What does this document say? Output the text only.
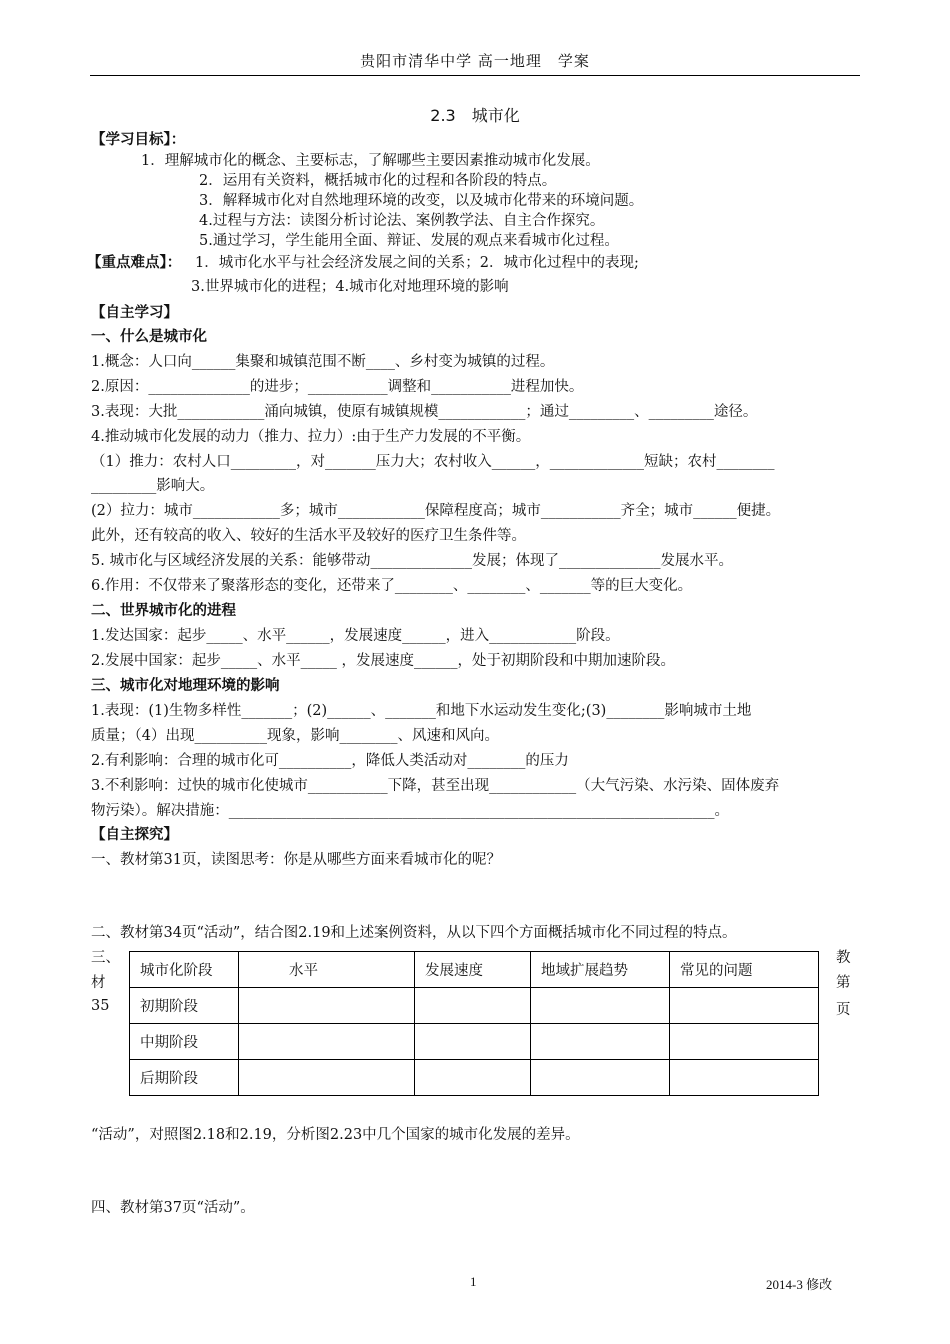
贵阳市清华中学 高一地理　学案
2.3　城市化
【学习目标】：
1．理解城市化的概念、主要标志，了解哪些主要因素推动城市化发展。
2．运用有关资料，概括城市化的过程和各阶段的特点。
3．解释城市化对自然地理环境的改变，以及城市化带来的环境问题。
4.过程与方法：读图分析讨论法、案例教学法、自主合作探究。
5.通过学习，学生能用全面、辩证、发展的观点来看城市化过程。
【重点难点】： 1．城市化水平与社会经济发展之间的关系；2．城市化过程中的表现;
3.世界城市化的进程；4.城市化对地理环境的影响
【自主学习】
一、什么是城市化
1.概念：人口向______集聚和城镇范围不断____、乡村变为城镇的过程。
2.原因：______________的进步；___________调整和___________进程加快。
3.表现：大批____________涌向城镇，使原有城镇规模____________；通过_________、_________途径。
4.推动城市化发展的动力（推力、拉力）:由于生产力发展的不平衡。
（1）推力：农村人口_________，对_______压力大；农村收入______，_____________短缺；农村________
_________影响大。
(2）拉力：城市____________多；城市____________保障程度高；城市___________齐全；城市______便捷。
此外，还有较高的收入、较好的生活水平及较好的医疗卫生条件等。
5. 城市化与区域经济发展的关系：能够带动______________发展；体现了______________发展水平。
6.作用：不仅带来了聚落形态的变化，还带来了________、________、_______等的巨大变化。
二、世界城市化的进程
1.发达国家：起步_____、水平______，发展速度______，进入____________阶段。
2.发展中国家：起步_____、水平_____ ，发展速度______，处于初期阶段和中期加速阶段。
三、城市化对地理环境的影响
1.表现：(1)生物多样性_______；(2)______、_______和地下水运动发生变化;(3)________影响城市土地
质量；（4）出现__________现象，影响________、风速和风向。
2.有利影响：合理的城市化可__________，降低人类活动对________的压力
3.不利影响：过快的城市化使城市___________下降，甚至出现____________（大气污染、水污染、固体废弃
物污染）。解决措施：___________________________________________________________________。
【自主探究】
一、教材第31页，读图思考：你是从哪些方面来看城市化的呢？
二、教材第34页“活动”，结合图2.19和上述案例资料，从以下四个方面概括城市化不同过程的特点。
三、
材
35
教
第
页
城市化阶段	水平	发展速度	地域扩展趋势	常见的问题
初期阶段				
中期阶段				
后期阶段				
“活动”，对照图2.18和2.19，分析图2.23中几个国家的城市化发展的差异。
四、教材第37页“活动”。
1	2014-3 修改
